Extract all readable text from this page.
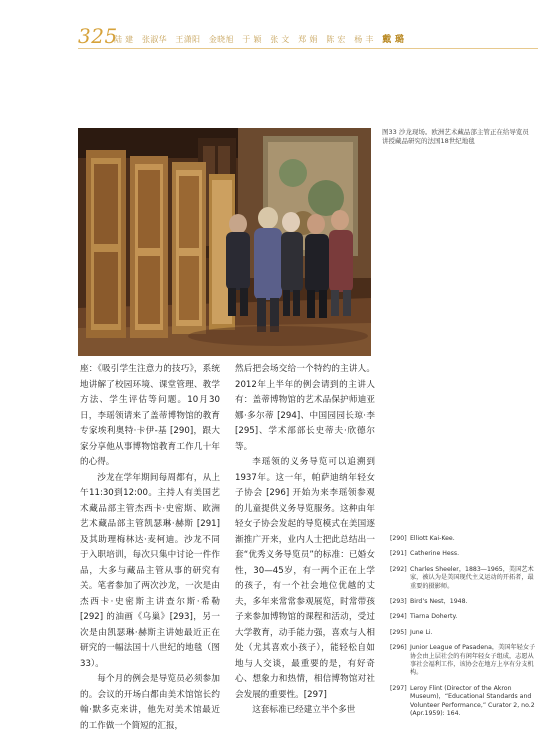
325
陆 建 张淑华 王潇阳 金晓旭 于 颖 张 文 郑 娟 陈 宏 杨 丰 戴 璐
图33 沙龙现场。欧洲艺术藏品部主管正在给导览员讲授藏品研究的法国18世纪地毯

座：《吸引学生注意力的技巧》，系统地讲解了校园环境、课堂管理、教学方法、学生评估等问题。10月30日，李瑶领请来了盖蒂博物馆的教育专家埃利奥特·卡伊-基 [290]，跟大家分享他从事博物馆教育工作几十年的心得。

沙龙在学年期间每周都有，从上午11:30到12:00。主持人有美国艺术藏品部主管杰西卡·史密斯、欧洲艺术藏品部主管凯瑟琳·赫斯 [291] 及其助理梅林达·麦柯迪。沙龙不同于入职培训，每次只集中讨论一件作品，大多与藏品主管从事的研究有关。笔者参加了两次沙龙，一次是由杰西卡·史密斯主讲查尔斯·希勒 [292] 的油画《乌巢》[293]，另一次是由凯瑟琳·赫斯主讲她最近正在研究的一幅法国十八世纪的地毯（图33）。

每个月的例会是导览员必须参加的。会议的开场白都由美术馆馆长约翰·默多克来讲，他先对美术馆最近的工作做一个简短的汇报，

然后把会场交给一个特约的主讲人。2012年上半年的例会请到的主讲人有：盖蒂博物馆的艺术品保护师迪亚娜·多尔蒂 [294]、中国园园长琼·李 [295]、学术部部长史蒂夫·欣德尔等。

李瑶领的义务导览可以追溯到1937年。这一年，帕萨迪纳年轻女子协会 [296] 开始为来李瑶领参观的儿童提供义务导览服务。这种由年轻女子协会发起的导览模式在美国逐渐推广开来，业内人士把此总结出一套“优秀义务导览员”的标准：已婚女性，30—45岁，有一两个正在上学的孩子，有一个社会地位优越的丈夫，多年来常常参观展览，时常带孩子来参加博物馆的课程和活动，受过大学教育，动手能力强，喜欢与人相处（尤其喜欢小孩子），能轻松自如地与人交谈，最重要的是，有好奇心、想象力和热情，相信博物馆对社会发展的重要性。[297]

这套标准已经建立半个多世

[290] Elliott Kai-Kee.
[291] Catherine Hess.
[292] Charles Sheeler，1883—1965，美国艺术家，被认为是美国现代主义运动的开拓者，最重要的摄影师。
[293] Bird’s Nest，1948.
[294] Tiarna Doherty.
[295] June Li.
[296] Junior League of Pasadena，美国年轻女子协会由上层社会的有闲年轻女子组成，志愿从事社会福利工作，该协会在地方上享有分支机构。
[297] Leroy Flint (Director of the Akron Museum)，“Educational Standards and Volunteer Performance,” Curator 2, no.2 (Apr.1959): 164.
